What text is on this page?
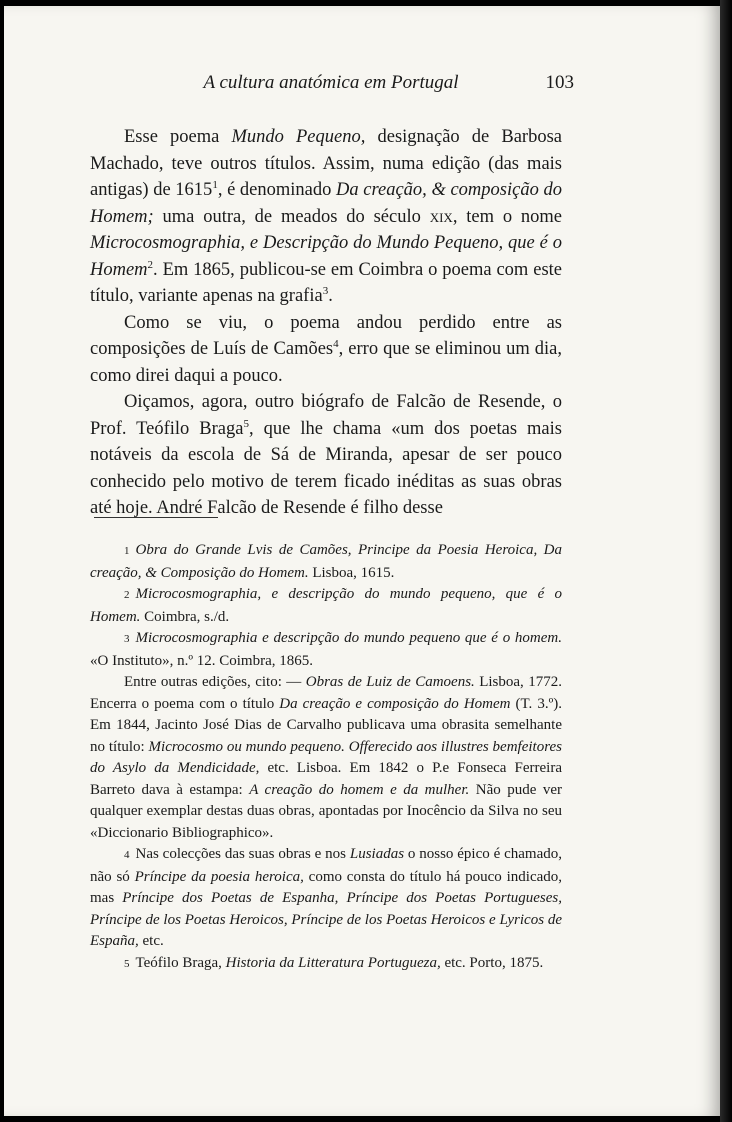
A cultura anatómica em Portugal	103

Esse poema Mundo Pequeno, designação de Barbosa Machado, teve outros títulos. Assim, numa edição (das mais antigas) de 1615$^1$, é denominado Da creação, & composição do Homem; uma outra, de meados do século xix, tem o nome Microcosmographia, e Descripção do Mundo Pequeno, que é o Homem$^2$. Em 1865, publicou-se em Coimbra o poema com este título, variante apenas na grafia$^3$.

Como se viu, o poema andou perdido entre as composições de Luís de Camões$^4$, erro que se eliminou um dia, como direi daqui a pouco.

Oiçamos, agora, outro biógrafo de Falcão de Resende, o Prof. Teófilo Braga$^5$, que lhe chama «um dos poetas mais notáveis da escola de Sá de Miranda, apesar de ser pouco conhecido pelo motivo de terem ficado inéditas as suas obras até hoje. André Falcão de Resende é filho desse

1 Obra do Grande Lvis de Camões, Principe da Poesia Heroica, Da creação, & Composição do Homem. Lisboa, 1615.

2 Microcosmographia, e descripção do mundo pequeno, que é o Homem. Coimbra, s./d.

3 Microcosmographia e descripção do mundo pequeno que é o homem. «O Instituto», n.º 12. Coimbra, 1865.

Entre outras edições, cito: — Obras de Luiz de Camoens. Lisboa, 1772. Encerra o poema com o título Da creação e composição do Homem (T. 3.º). Em 1844, Jacinto José Dias de Carvalho publicava uma obrasita semelhante no título: Microcosmo ou mundo pequeno. Offerecido aos illustres bemfeitores do Asylo da Mendicidade, etc. Lisboa. Em 1842 o P.e Fonseca Ferreira Barreto dava à estampa: A creação do homem e da mulher. Não pude ver qualquer exemplar destas duas obras, apontadas por Inocêncio da Silva no seu «Diccionario Bibliographico».

4 Nas colecções das suas obras e nos Lusiadas o nosso épico é chamado, não só Príncipe da poesia heroica, como consta do título há pouco indicado, mas Príncipe dos Poetas de Espanha, Príncipe dos Poetas Portugueses, Príncipe de los Poetas Heroicos, Príncipe de los Poetas Heroicos e Lyricos de España, etc.

5 Teófilo Braga, Historia da Litteratura Portugueza, etc. Porto, 1875.
